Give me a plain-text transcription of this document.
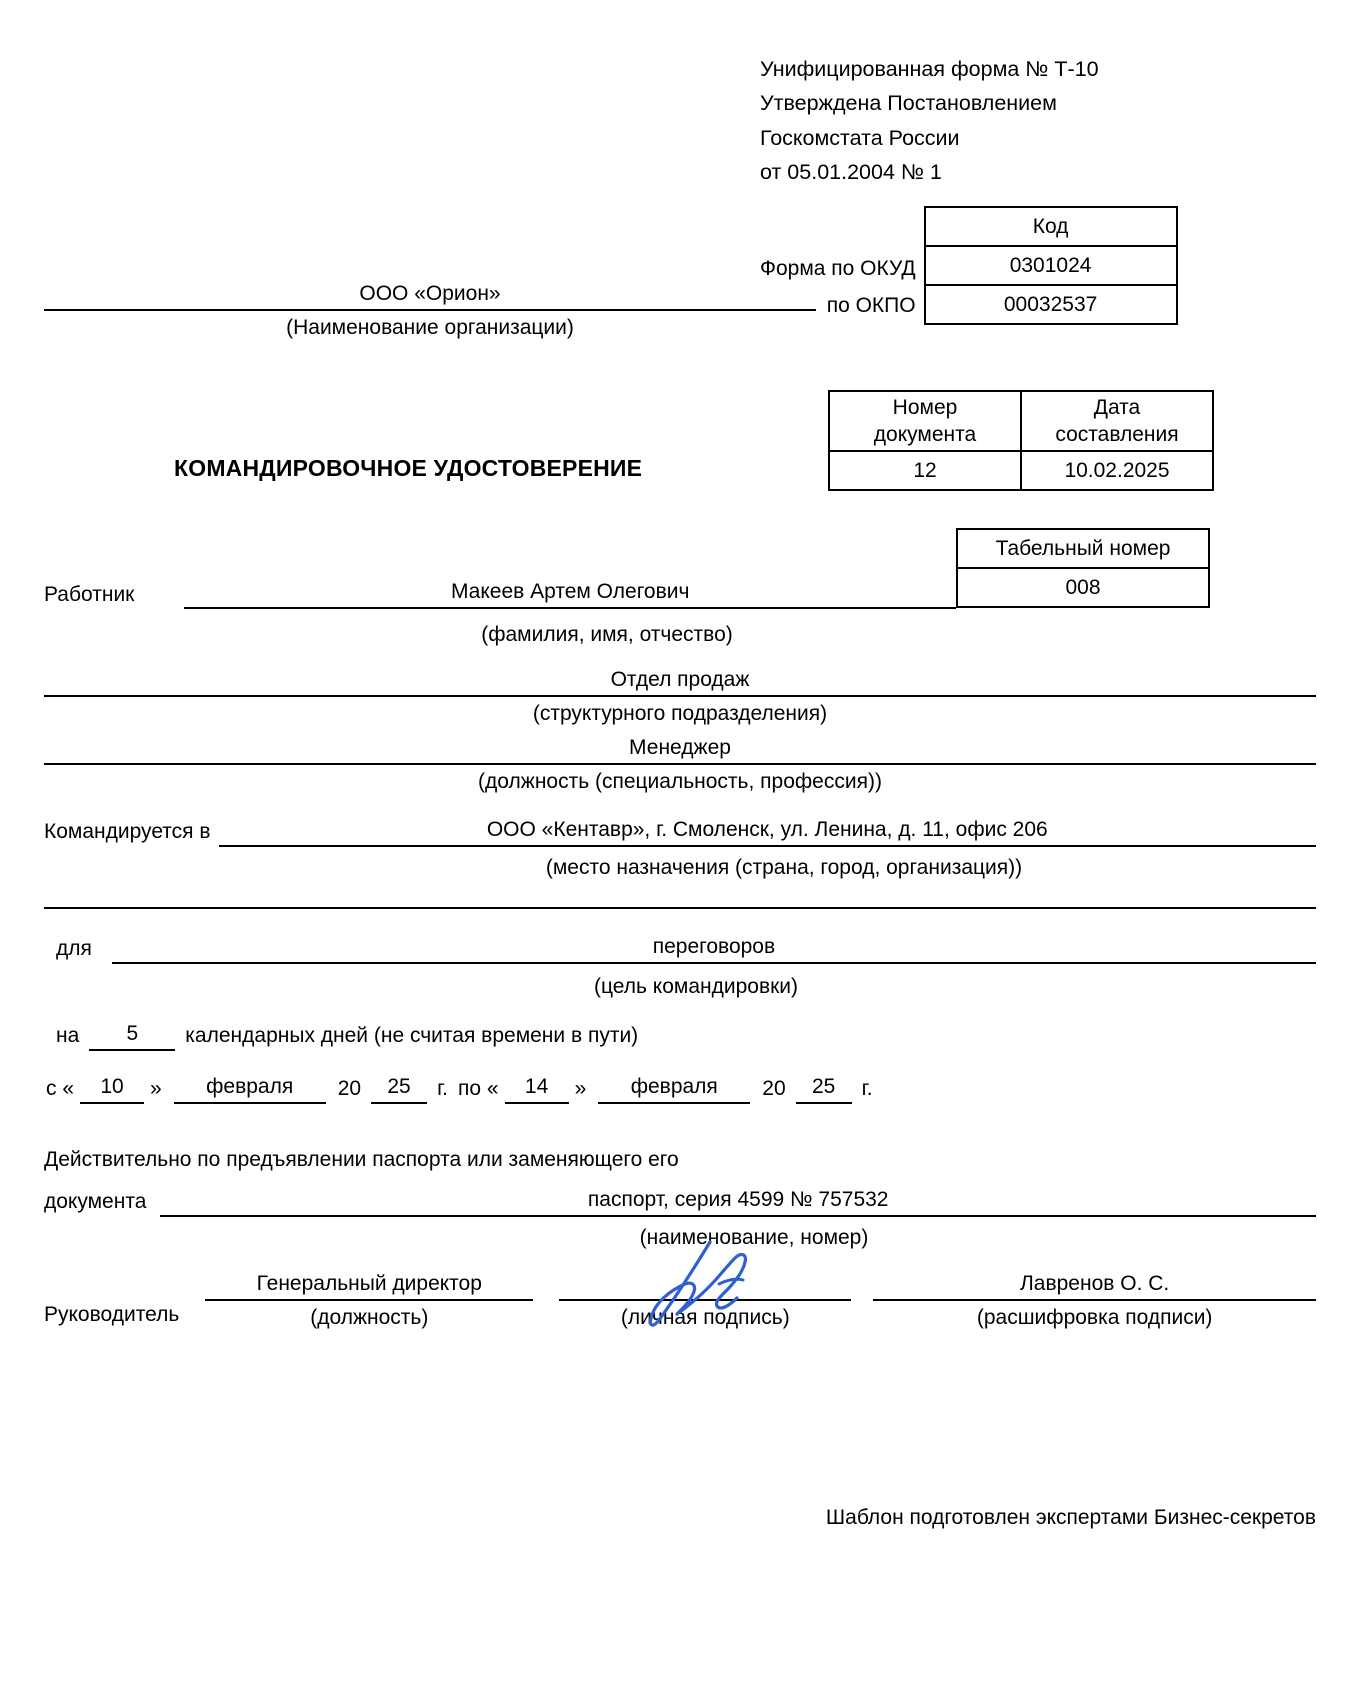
Унифицированная форма № Т-10
Утверждена Постановлением
Госкомстата России
от 05.01.2004 № 1
Форма по ОКУД
по ОКПО
Код
0301024
00032537
ООО «Орион»
(Наименование организации)
Номер
документа	Дата
составления
12	10.02.2025
КОМАНДИРОВОЧНОЕ УДОСТОВЕРЕНИЕ
Табельный номер
008
Работник	Макеев Артем Олегович
(фамилия, имя, отчество)
Отдел продаж
(структурного подразделения)
Менеджер
(должность (специальность, профессия))
Командируется в	ООО «Кентавр», г. Смоленск, ул. Ленина, д. 11, офис 206
(место назначения (страна, город, организация))

для	переговоров
(цель командировки)
на	5	календарных дней (не считая времени в пути)
с «	10	»	февраля	20	25	г. по «	14	»	февраля	20	25	г.
Действительно по предъявлении паспорта или заменяющего его
документа	паспорт, серия 4599 № 757532
(наименование, номер)
Руководитель
Генеральный директор
(должность)
	(личная подпись)
Лавренов О. С.
(расшифровка подписи)
Шаблон подготовлен экспертами Бизнес-секретов
